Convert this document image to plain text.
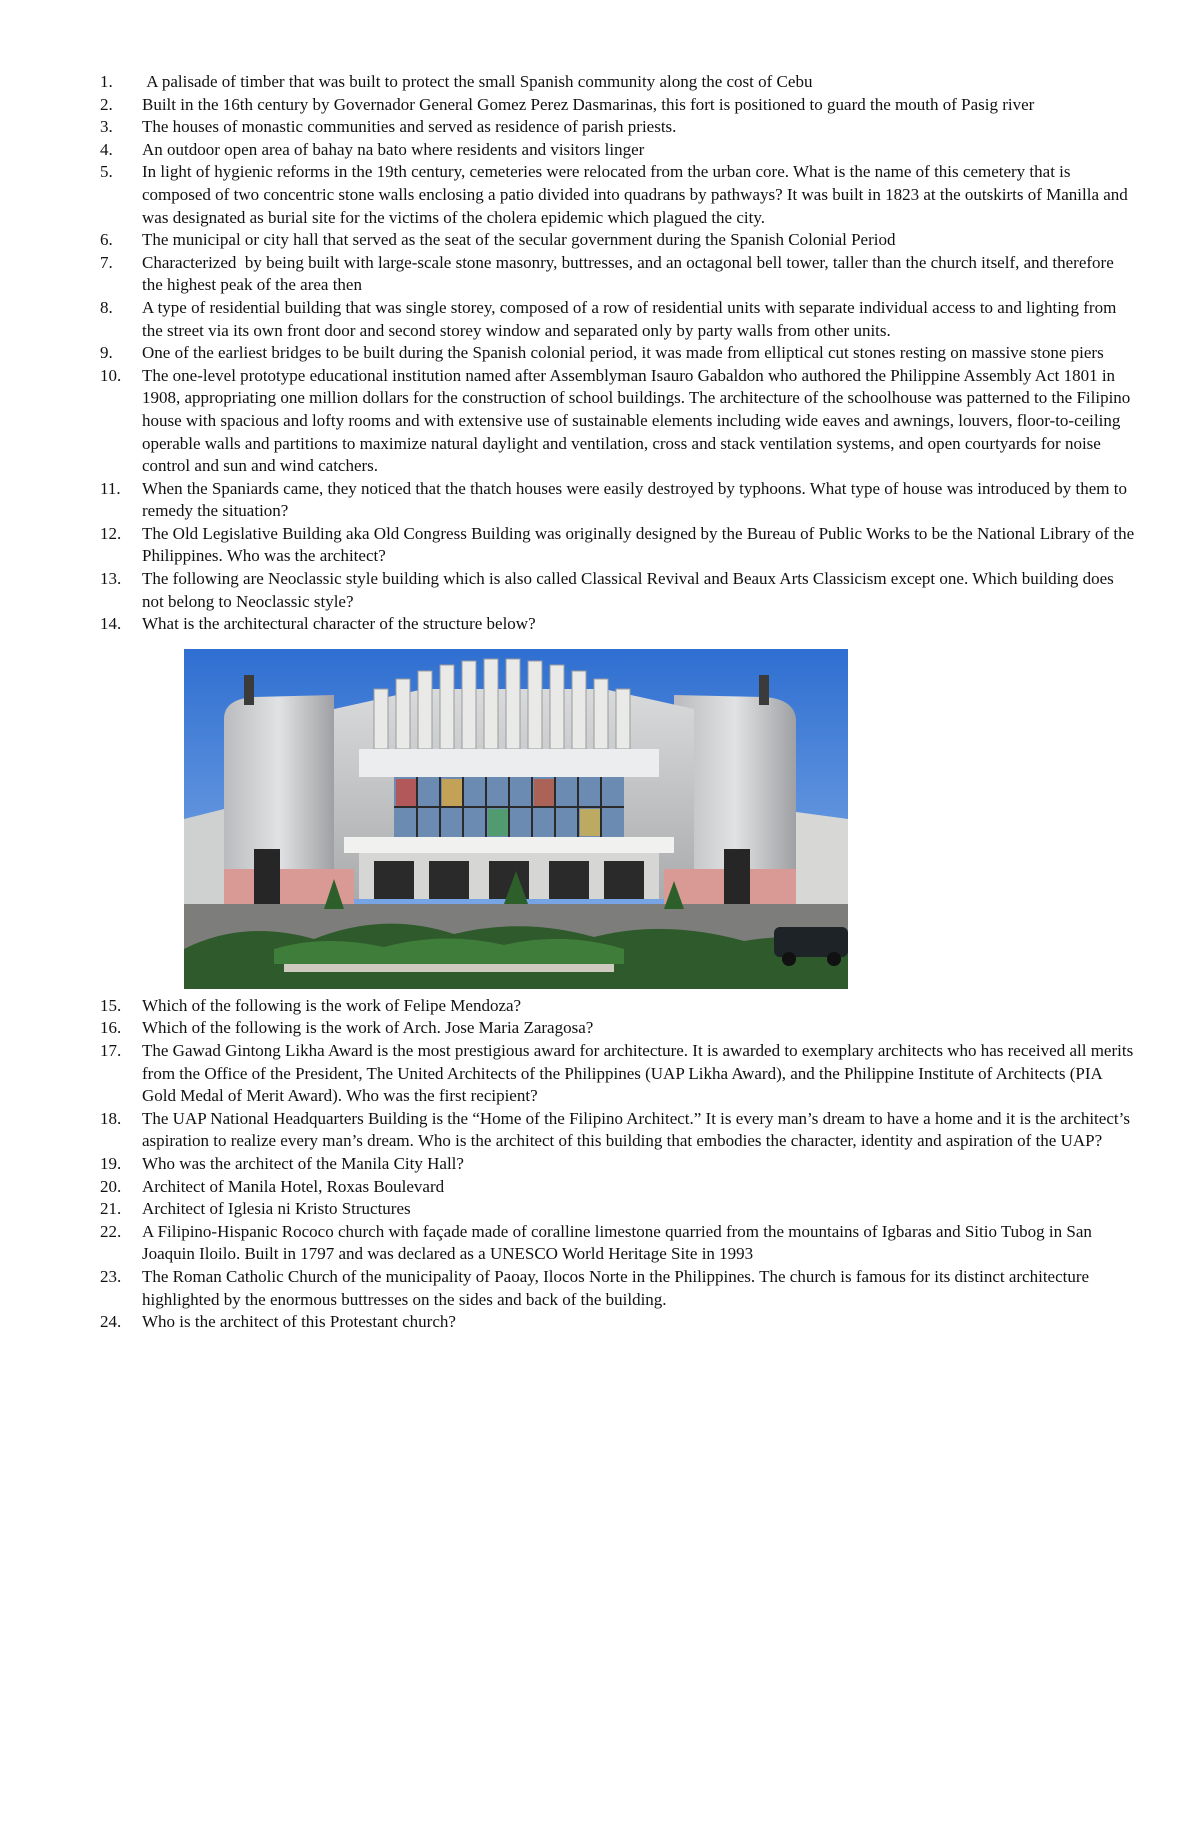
1.	A palisade of timber that was built to protect the small Spanish community along the cost of Cebu
2.	Built in the 16th century by Governador General Gomez Perez Dasmarinas, this fort is positioned to guard the mouth of Pasig river
3.	The houses of monastic communities and served as residence of parish priests.
4.	An outdoor open area of bahay na bato where residents and visitors linger
5.	In light of hygienic reforms in the 19th century, cemeteries were relocated from the urban core. What is the name of this cemetery that is composed of two concentric stone walls enclosing a patio divided into quadrans by pathways? It was built in 1823 at the outskirts of Manilla and was designated as burial site for the victims of the cholera epidemic which plagued the city.
6.	The municipal or city hall that served as the seat of the secular government during the Spanish Colonial Period
7.	Characterized  by being built with large-scale stone masonry, buttresses, and an octagonal bell tower, taller than the church itself, and therefore the highest peak of the area then
8.	A type of residential building that was single storey, composed of a row of residential units with separate individual access to and lighting from the street via its own front door and second storey window and separated only by party walls from other units.
9.	One of the earliest bridges to be built during the Spanish colonial period, it was made from elliptical cut stones resting on massive stone piers
10.	The one-level prototype educational institution named after Assemblyman Isauro Gabaldon who authored the Philippine Assembly Act 1801 in 1908, appropriating one million dollars for the construction of school buildings. The architecture of the schoolhouse was patterned to the Filipino house with spacious and lofty rooms and with extensive use of sustainable elements including wide eaves and awnings, louvers, floor-to-ceiling operable walls and partitions to maximize natural daylight and ventilation, cross and stack ventilation systems, and open courtyards for noise control and sun and wind catchers.
11.	When the Spaniards came, they noticed that the thatch houses were easily destroyed by typhoons. What type of house was introduced by them to remedy the situation?
12.	The Old Legislative Building aka Old Congress Building was originally designed by the Bureau of Public Works to be the National Library of the Philippines. Who was the architect?
13.	The following are Neoclassic style building which is also called Classical Revival and Beaux Arts Classicism except one. Which building does not belong to Neoclassic style?
14.	What is the architectural character of the structure below?
15.	Which of the following is the work of Felipe Mendoza?
16.	Which of the following is the work of Arch. Jose Maria Zaragosa?
17.	The Gawad Gintong Likha Award is the most prestigious award for architecture. It is awarded to exemplary architects who has received all merits from the Office of the President, The United Architects of the Philippines (UAP Likha Award), and the Philippine Institute of Architects (PIA Gold Medal of Merit Award). Who was the first recipient?
18.	The UAP National Headquarters Building is the “Home of the Filipino Architect.” It is every man’s dream to have a home and it is the architect’s aspiration to realize every man’s dream. Who is the architect of this building that embodies the character, identity and aspiration of the UAP?
19.	Who was the architect of the Manila City Hall?
20.	Architect of Manila Hotel, Roxas Boulevard
21.	Architect of Iglesia ni Kristo Structures
22.	A Filipino-Hispanic Rococo church with façade made of coralline limestone quarried from the mountains of Igbaras and Sitio Tubog in San Joaquin Iloilo. Built in 1797 and was declared as a UNESCO World Heritage Site in 1993
23.	The Roman Catholic Church of the municipality of Paoay, Ilocos Norte in the Philippines. The church is famous for its distinct architecture highlighted by the enormous buttresses on the sides and back of the building.
24.	Who is the architect of this Protestant church?
